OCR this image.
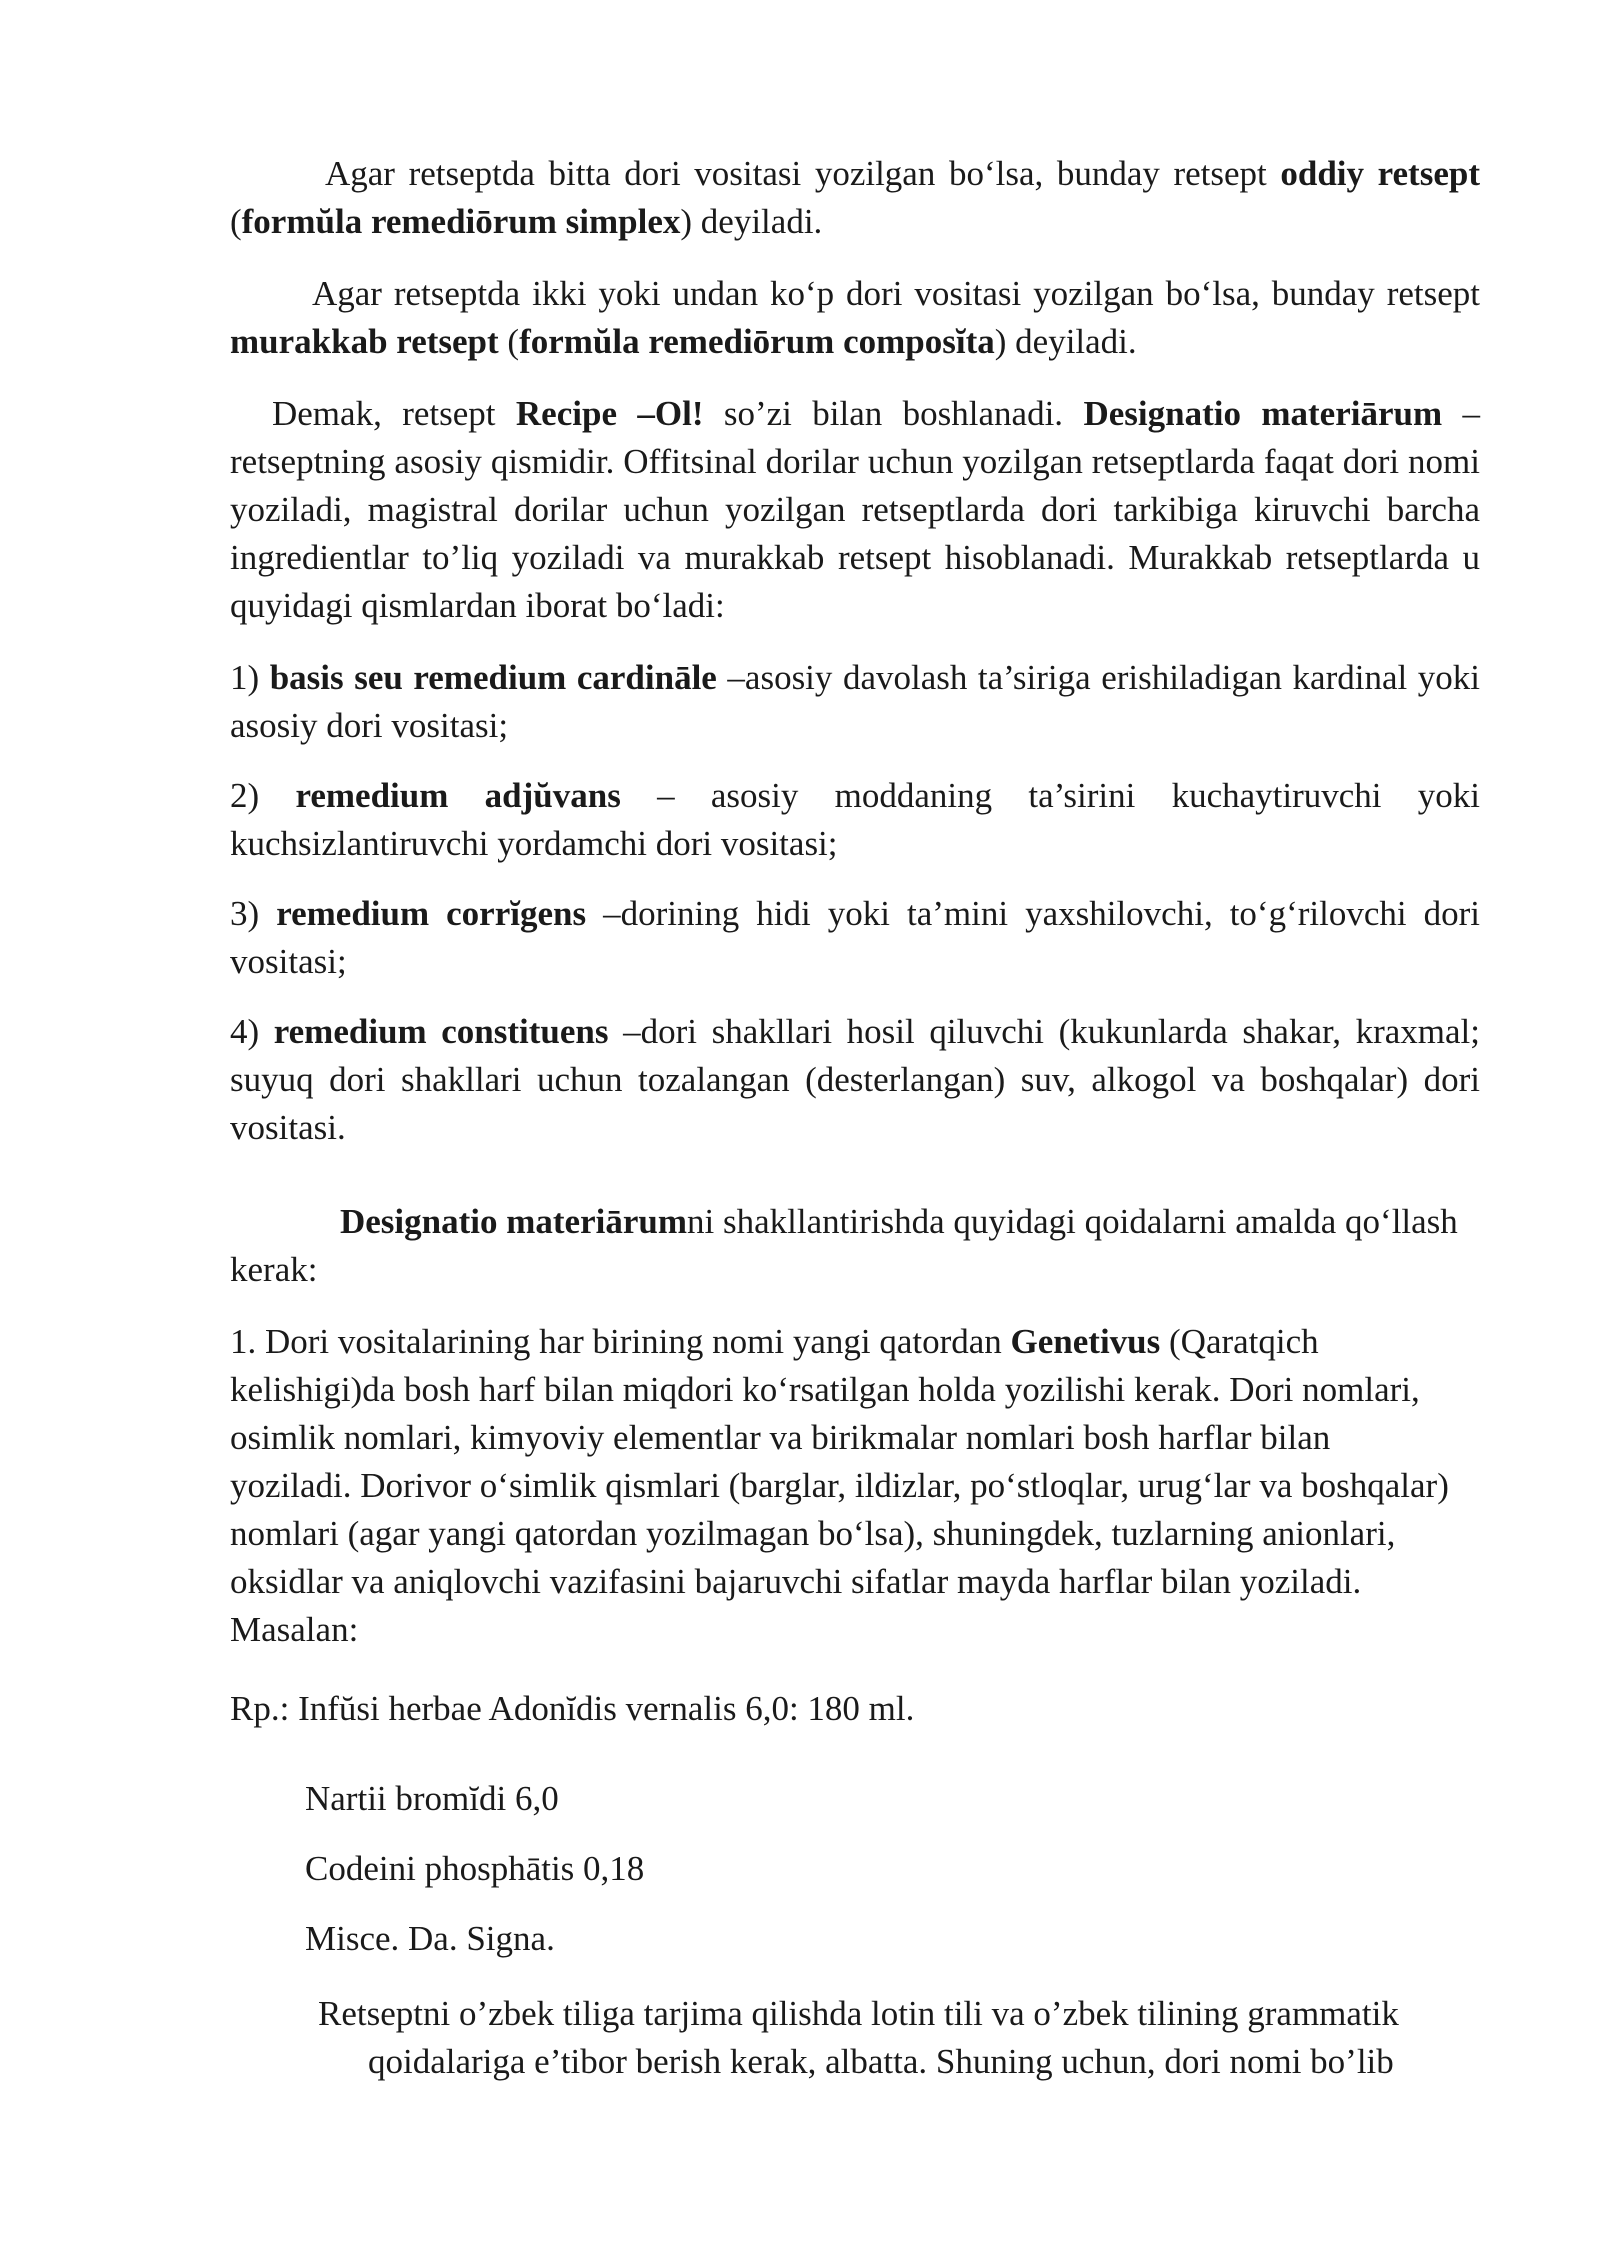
Agar retseptda bitta dori vositasi yozilgan bo‘lsa, bunday retsept oddiy retsept (formŭla remediōrum simplex) deyiladi.

Agar retseptda ikki yoki undan ko‘p dori vositasi yozilgan bo‘lsa, bunday retsept murakkab retsept (formŭla remediōrum composĭta) deyiladi.

Demak, retsept Recipe –Ol! so’zi bilan boshlanadi. Designatio materiārum – retseptning asosiy qismidir. Offitsinal dorilar uchun yozilgan retseptlarda faqat dori nomi yoziladi, magistral dorilar uchun yozilgan retseptlarda dori tarkibiga kiruvchi barcha ingredientlar to’liq yoziladi va murakkab retsept hisoblanadi. Murakkab retseptlarda u quyidagi qismlardan iborat bo‘ladi:

1) basis seu remedium cardināle –asosiy davolash ta’siriga erishiladigan kardinal yoki asosiy dori vositasi;

2) remedium adjŭvans – asosiy moddaning ta’sirini kuchaytiruvchi yoki kuchsizlantiruvchi yordamchi dori vositasi;

3) remedium corrĭgens –dorining hidi yoki ta’mini yaxshilovchi, to‘g‘rilovchi dori vositasi;

4) remedium constituens –dori shakllari hosil qiluvchi (kukunlarda shakar, kraxmal; suyuq dori shakllari uchun tozalangan (desterlangan) suv, alkogol va boshqalar) dori vositasi.

Designatio materiārumni shakllantirishda quyidagi qoidalarni amalda qo‘llash kerak:

1. Dori vositalarining har birining nomi yangi qatordan Genetivus (Qaratqich kelishigi)da bosh harf bilan miqdori ko‘rsatilgan holda yozilishi kerak. Dori nomlari, osimlik nomlari, kimyoviy elementlar va birikmalar nomlari bosh harflar bilan yoziladi. Dorivor o‘simlik qismlari (barglar, ildizlar, po‘stloqlar, urug‘lar va boshqalar) nomlari (agar yangi qatordan yozilmagan bo‘lsa), shuningdek, tuzlarning anionlari, oksidlar va aniqlovchi vazifasini bajaruvchi sifatlar mayda harflar bilan yoziladi. Masalan:

Rp.: Infŭsi herbae Adonĭdis vernalis 6,0: 180 ml.
Nartii bromĭdi 6,0
Codeini phosphātis 0,18
Misce. Da. Signa.
Retseptni o’zbek tiliga tarjima qilishda lotin tili va o’zbek tilining grammatik
qoidalariga e’tibor berish kerak, albatta. Shuning uchun, dori nomi bo’lib
